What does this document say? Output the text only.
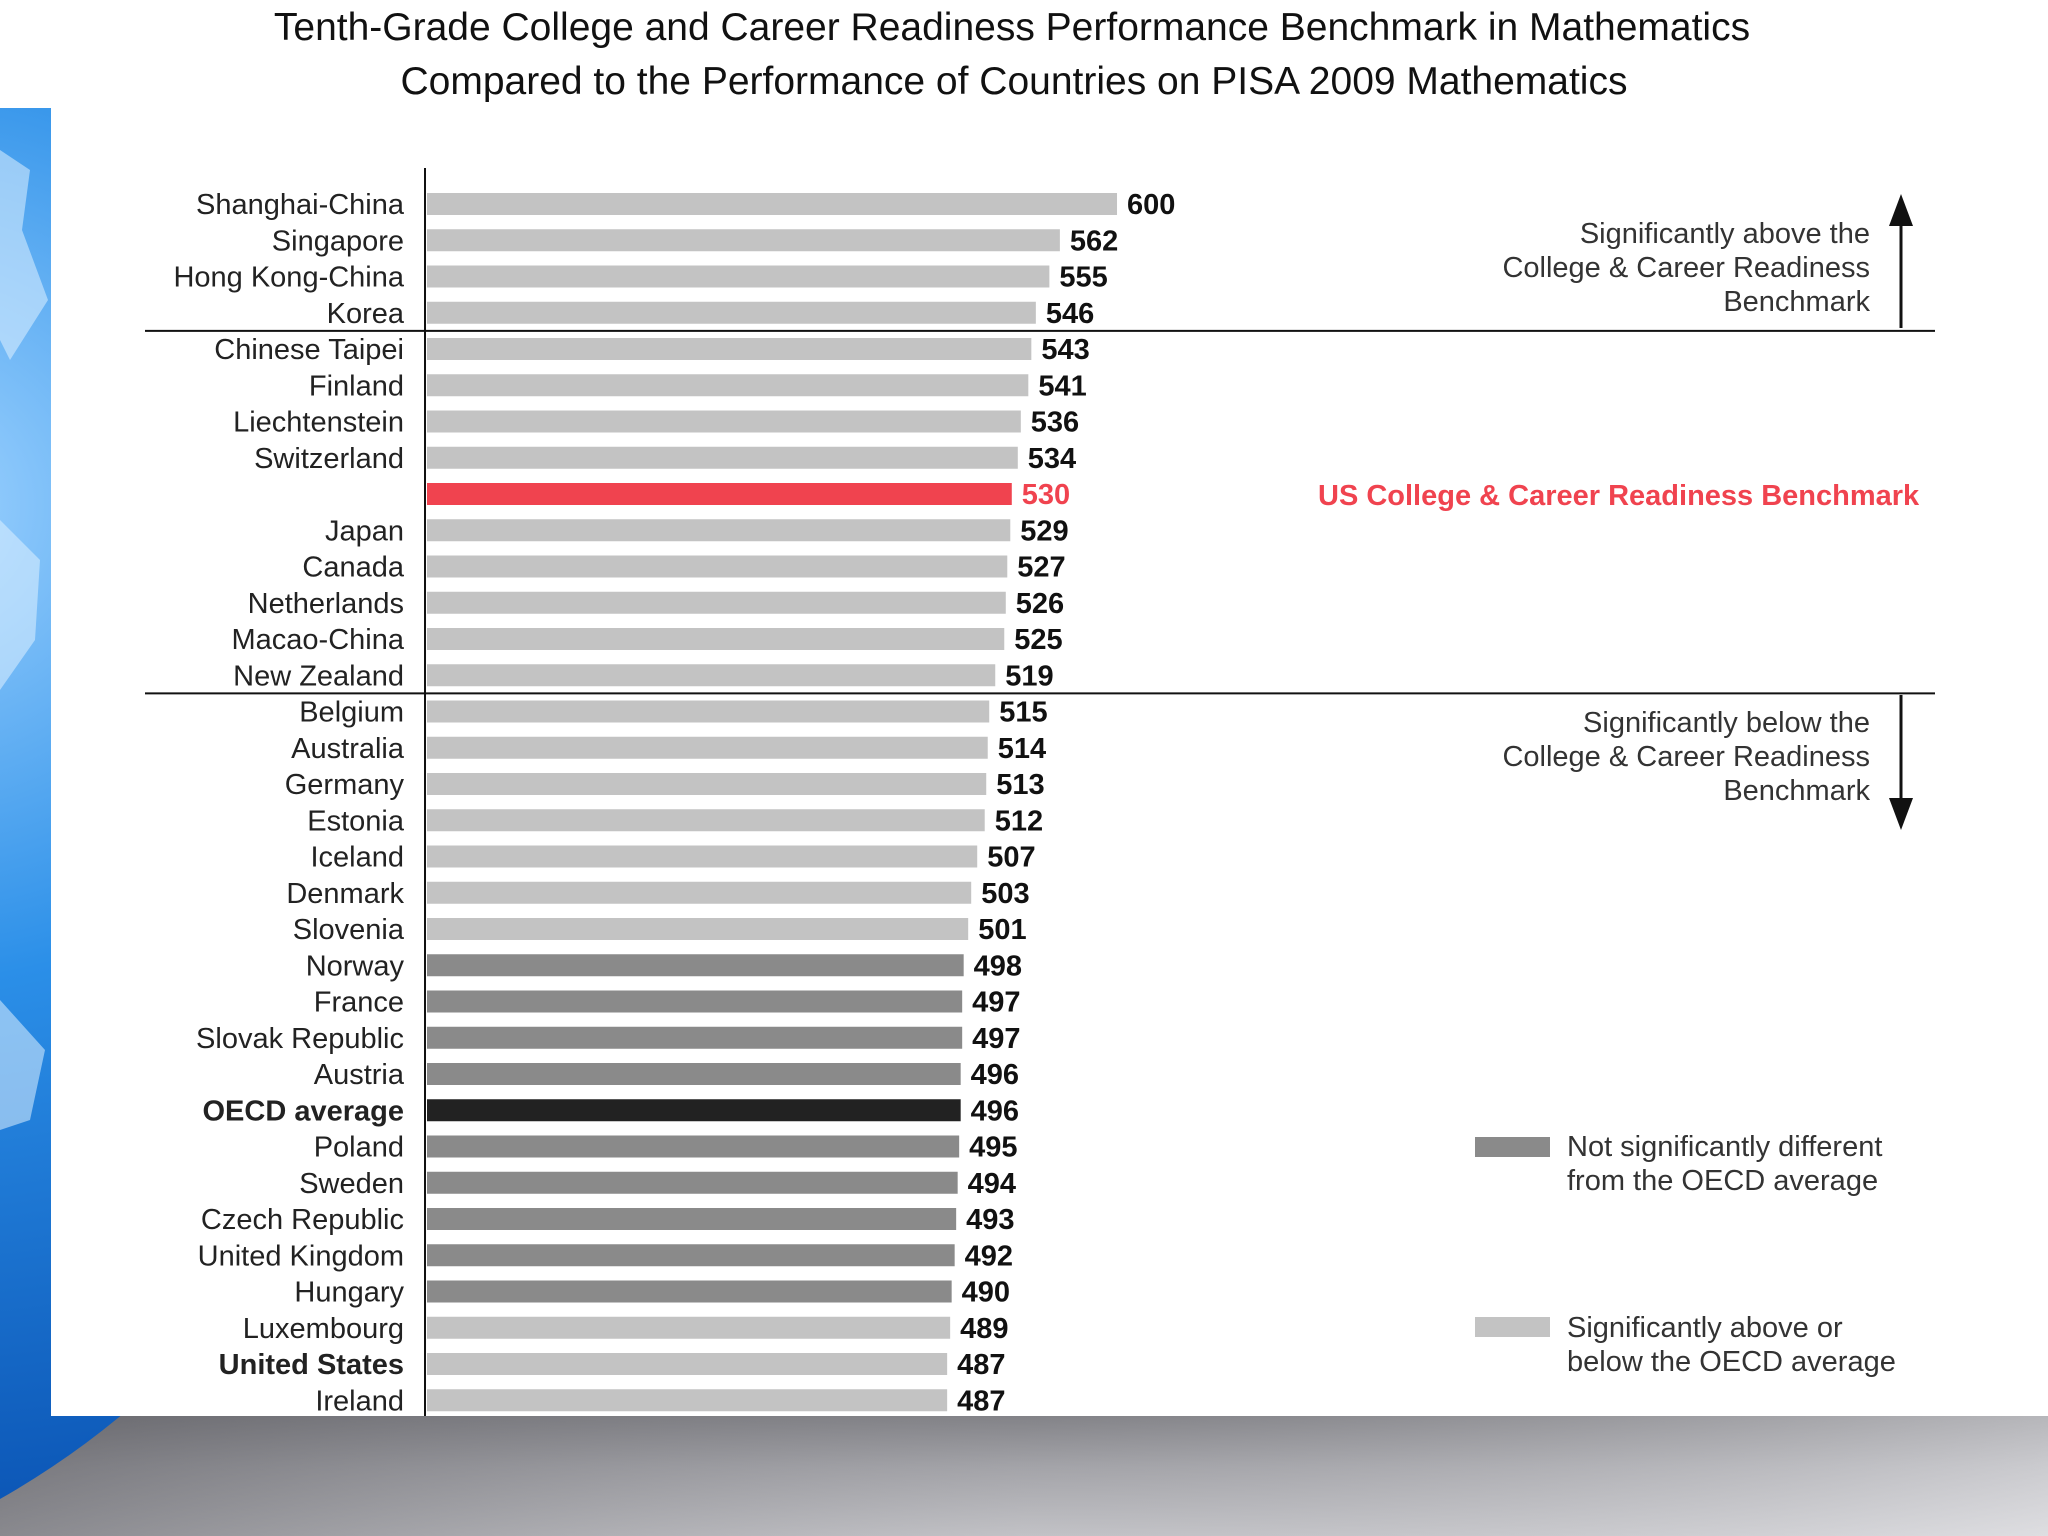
Tenth-Grade College and Career Readiness Performance Benchmark in Mathematics
Compared to the Performance of Countries on PISA 2009 Mathematics
Shanghai-China
Singapore
Hong Kong-China
Korea
Chinese Taipei
Finland
Liechtenstein
Switzerland
Japan
Canada
Netherlands
Macao-China
New Zealand
Belgium
Australia
Germany
Estonia
Iceland
Denmark
Slovenia
Norway
France
Slovak Republic
Austria
OECD average
Poland
Sweden
Czech Republic
United Kingdom
Hungary
Luxembourg
United States
Ireland
600
562
555
546
543
541
536
534
530
529
527
526
525
519
515
514
513
512
507
503
501
498
497
497
496
496
495
494
493
492
490
489
487
487
US College & Career Readiness Benchmark
Significantly above the
College & Career Readiness
Benchmark
Significantly below the
College & Career Readiness
Benchmark
Not significantly different
from the OECD average
Significantly above or
below the OECD average
